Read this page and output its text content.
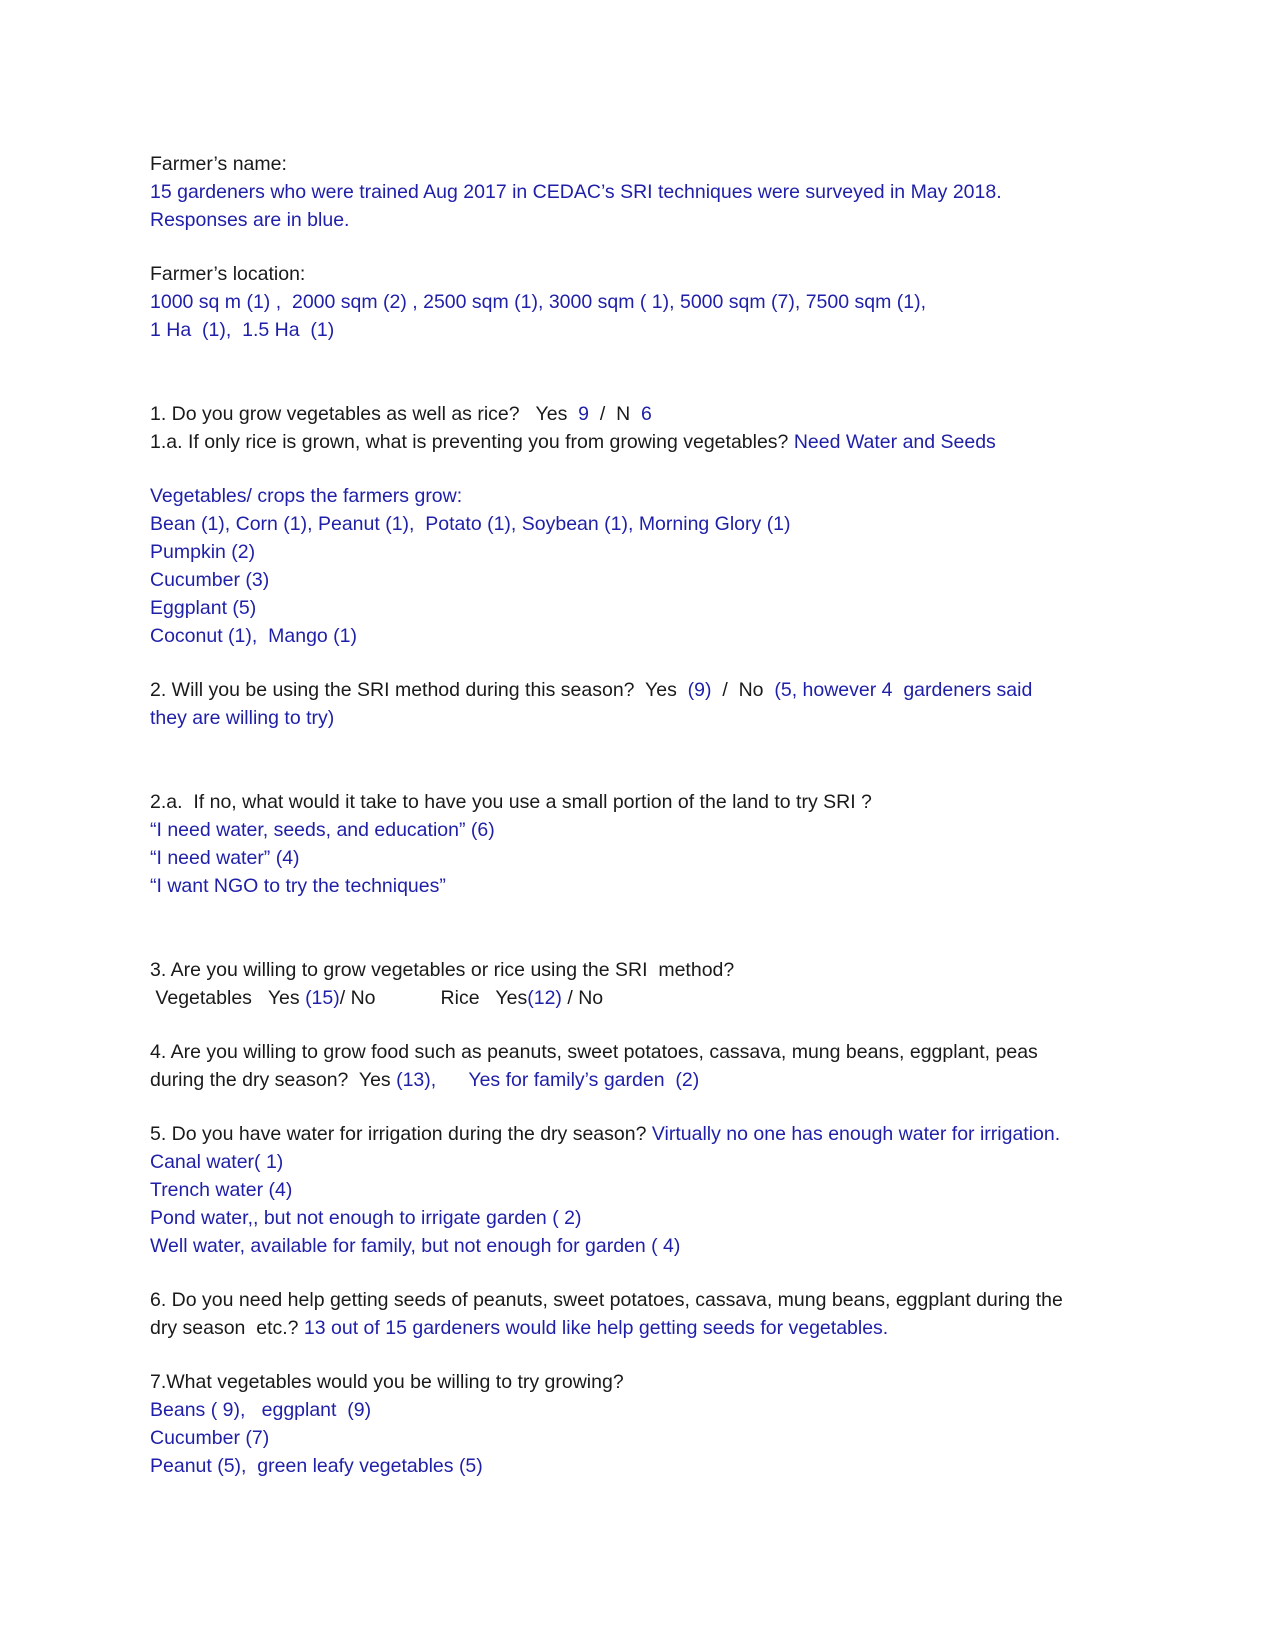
Farmer’s name:
15 gardeners who were trained Aug 2017 in CEDAC’s SRI techniques were surveyed in May 2018.
Responses are in blue.
Farmer’s location:
1000 sq m (1) ,  2000 sqm (2) , 2500 sqm (1), 3000 sqm ( 1), 5000 sqm (7), 7500 sqm (1),
1 Ha  (1),  1.5 Ha  (1)
1. Do you grow vegetables as well as rice?   Yes  9  /  N  6
1.a. If only rice is grown, what is preventing you from growing vegetables? Need Water and Seeds
Vegetables/ crops the farmers grow:
Bean (1), Corn (1), Peanut (1),  Potato (1), Soybean (1), Morning Glory (1)
Pumpkin (2)
Cucumber (3)
Eggplant (5)
Coconut (1),  Mango (1)
2. Will you be using the SRI method during this season?  Yes  (9)  /  No  (5, however 4  gardeners said
they are willing to try)
2.a.  If no, what would it take to have you use a small portion of the land to try SRI ?
“I need water, seeds, and education” (6)
“I need water” (4)
“I want NGO to try the techniques”
3. Are you willing to grow vegetables or rice using the SRI  method?
Vegetables   Yes (15)/ No            Rice   Yes(12) / No
4. Are you willing to grow food such as peanuts, sweet potatoes, cassava, mung beans, eggplant, peas
during the dry season?  Yes (13),      Yes for family’s garden  (2)
5. Do you have water for irrigation during the dry season? Virtually no one has enough water for irrigation.
Canal water( 1)
Trench water (4)
Pond water,, but not enough to irrigate garden ( 2)
Well water, available for family, but not enough for garden ( 4)
6. Do you need help getting seeds of peanuts, sweet potatoes, cassava, mung beans, eggplant during the
dry season  etc.? 13 out of 15 gardeners would like help getting seeds for vegetables.
7.What vegetables would you be willing to try growing?
Beans ( 9),   eggplant  (9)
Cucumber (7)
Peanut (5),  green leafy vegetables (5)
